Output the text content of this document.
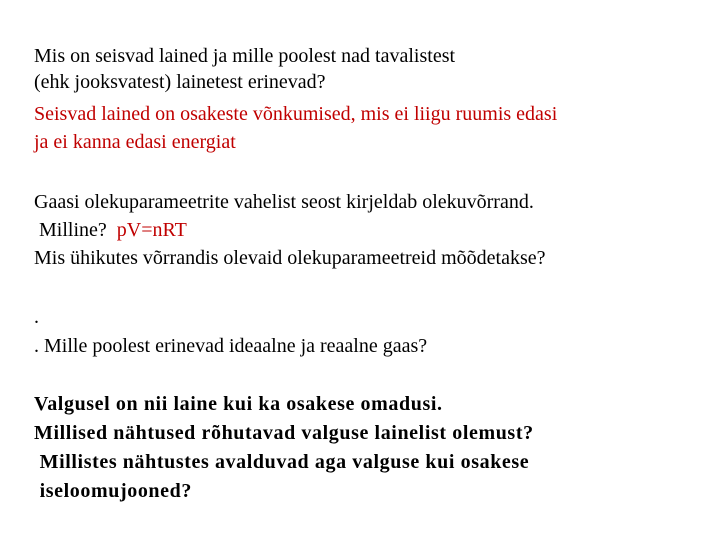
Mis on seisvad lained ja mille poolest nad tavalistest
(ehk jooksvatest) lainetest erinevad?
Seisvad lained on osakeste võnkumised, mis ei liigu ruumis edasi
ja ei kanna edasi energiat
Gaasi olekuparameetrite vahelist seost kirjeldab olekuvõrrand.
Milline?  pV=nRT
Mis ühikutes võrrandis olevaid olekuparameetreid mõõdetakse?
.
. Mille poolest erinevad ideaalne ja reaalne gaas?
Valgusel on nii laine kui ka osakese omadusi.
Millised nähtused rõhutavad valguse lainelist olemust?
Millistes nähtustes avalduvad aga valguse kui osakese
iseloomujooned?
